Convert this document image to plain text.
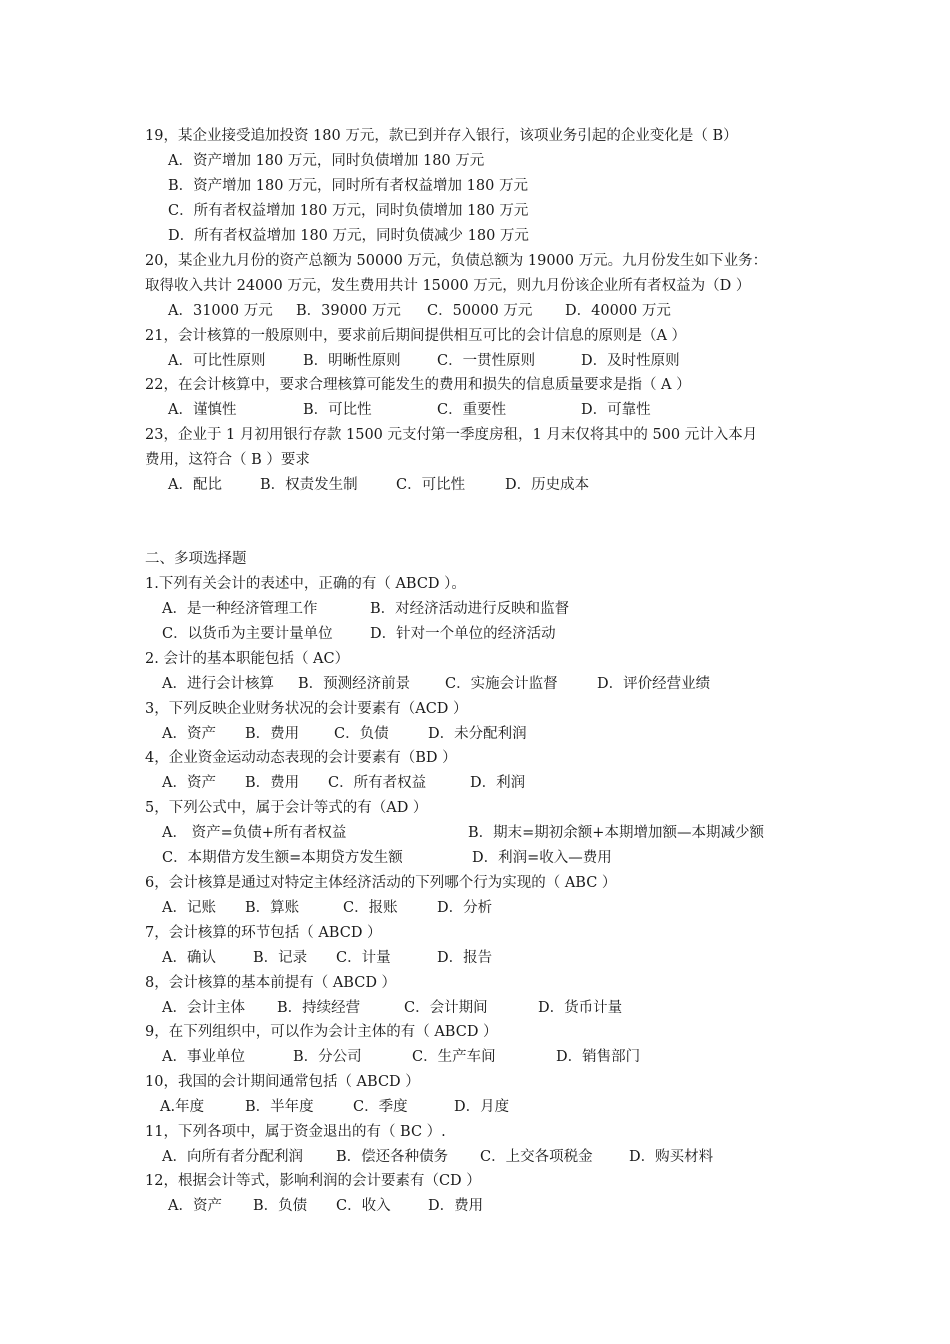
19，某企业接受追加投资 180 万元，款已到并存入银行，该项业务引起的企业变化是（ B）
A．资产增加 180 万元，同时负债增加 180 万元
B．资产增加 180 万元，同时所有者权益增加 180 万元
C．所有者权益增加 180 万元，同时负债增加 180 万元
D．所有者权益增加 180 万元，同时负债减少 180 万元
20，某企业九月份的资产总额为 50000 万元，负债总额为 19000 万元。九月份发生如下业务：
取得收入共计 24000 万元，发生费用共计 15000 万元，则九月份该企业所有者权益为（D ）
A．31000 万元 B．39000 万元 C．50000 万元 D．40000 万元
21，会计核算的一般原则中，要求前后期间提供相互可比的会计信息的原则是（A ）
A．可比性原则	B．明晰性原则	C．一贯性原则	D．及时性原则
22，在会计核算中，要求合理核算可能发生的费用和损失的信息质量要求是指（ A ）
A．谨慎性	B．可比性	C．重要性	D．可靠性
23，企业于 1 月初用银行存款 1500 元支付第一季度房租，1 月末仅将其中的 500 元计入本月
费用，这符合（ B ）要求
A．配比	B．权责发生制	C．可比性	D．历史成本
二、多项选择题
1.下列有关会计的表述中，正确的有（ ABCD ）。
A．是一种经济管理工作	B．对经济活动进行反映和监督
C．以货币为主要计量单位	D．针对一个单位的经济活动
2. 会计的基本职能包括（ AC）
A．进行会计核算 B．预测经济前景 C．实施会计监督	D．评价经营业绩
3，下列反映企业财务状况的会计要素有（ACD ）
A．资产 B．费用 C．负债	D．未分配利润
4，企业资金运动动态表现的会计要素有（BD ）
A．资产 B．费用 C．所有者权益	D．利润
5，下列公式中，属于会计等式的有（AD ）
A． 资产=负债+所有者权益	B．期末=期初余额+本期增加额—本期减少额
C．本期借方发生额=本期贷方发生额	D．利润=收入—费用
6，会计核算是通过对特定主体经济活动的下列哪个行为实现的（ ABC ）
A．记账 B．算账	C．报账	D．分析
7，会计核算的环节包括（ ABCD ）
A．确认	B．记录 C．计量	D．报告
8，会计核算的基本前提有（ ABCD ）
A．会计主体 B．持续经营	C．会计期间	D．货币计量
9，在下列组织中，可以作为会计主体的有（ ABCD ）
A．事业单位	B．分公司	C．生产车间	D．销售部门
10，我国的会计期间通常包括（ ABCD ）
A.年度	B．半年度	C．季度	D．月度
11，下列各项中，属于资金退出的有（ BC ）.
A．向所有者分配利润 B．偿还各种债务 C．上交各项税金	D．购买材料
12，根据会计等式，影响利润的会计要素有（CD ）
A．资产 B．负债 C．收入	D．费用
